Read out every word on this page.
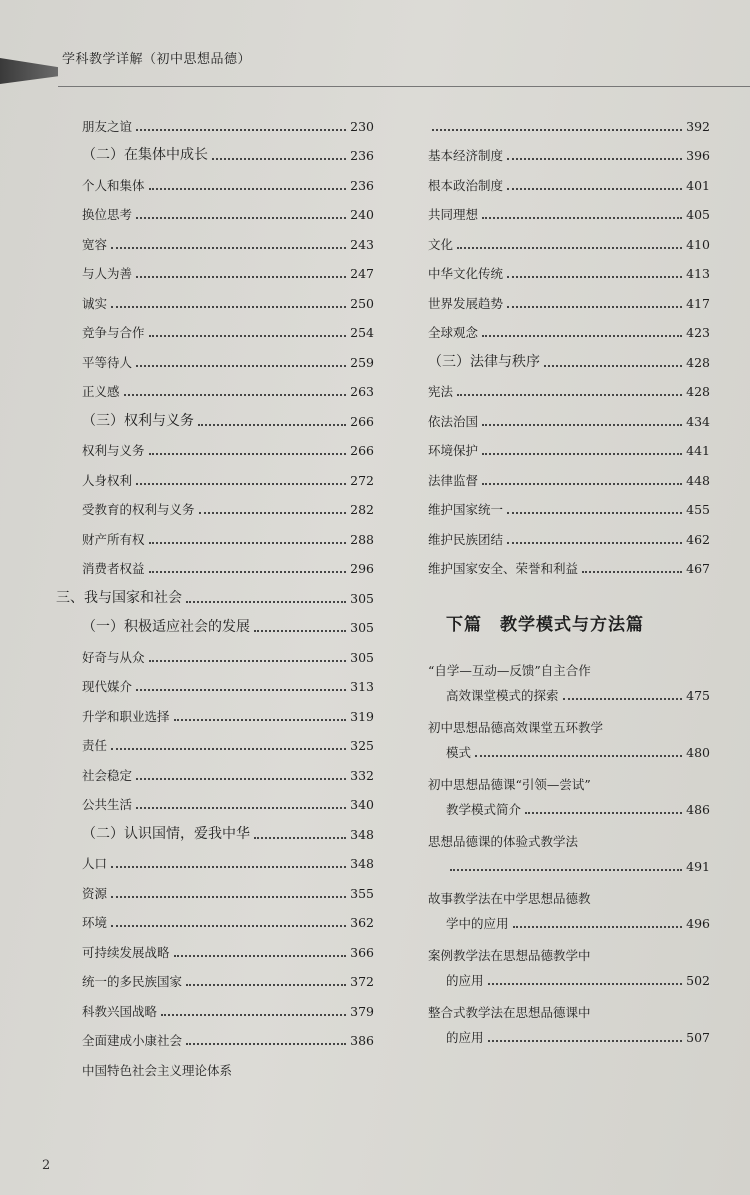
学科教学详解（初中思想品德）
朋友之谊	230
（二）在集体中成长	236
个人和集体	236
换位思考	240
宽容	243
与人为善	247
诚实	250
竞争与合作	254
平等待人	259
正义感	263
（三）权利与义务	266
权利与义务	266
人身权利	272
受教育的权利与义务	282
财产所有权	288
消费者权益	296
三、我与国家和社会	305
（一）积极适应社会的发展	305
好奇与从众	305
现代媒介	313
升学和职业选择	319
责任	325
社会稳定	332
公共生活	340
（二）认识国情，爱我中华	348
人口	348
资源	355
环境	362
可持续发展战略	366
统一的多民族国家	372
科教兴国战略	379
全面建成小康社会	386
中国特色社会主义理论体系
392
基本经济制度	396
根本政治制度	401
共同理想	405
文化	410
中华文化传统	413
世界发展趋势	417
全球观念	423
（三）法律与秩序	428
宪法	428
依法治国	434
环境保护	441
法律监督	448
维护国家统一	455
维护民族团结	462
维护国家安全、荣誉和利益	467
下篇　教学模式与方法篇
“自学—互动—反馈”自主合作
高效课堂模式的探索	475
初中思想品德高效课堂五环教学
模式	480
初中思想品德课“引领—尝试”
教学模式简介	486
思想品德课的体验式教学法
491
故事教学法在中学思想品德教
学中的应用	496
案例教学法在思想品德教学中
的应用	502
整合式教学法在思想品德课中
的应用	507
2
